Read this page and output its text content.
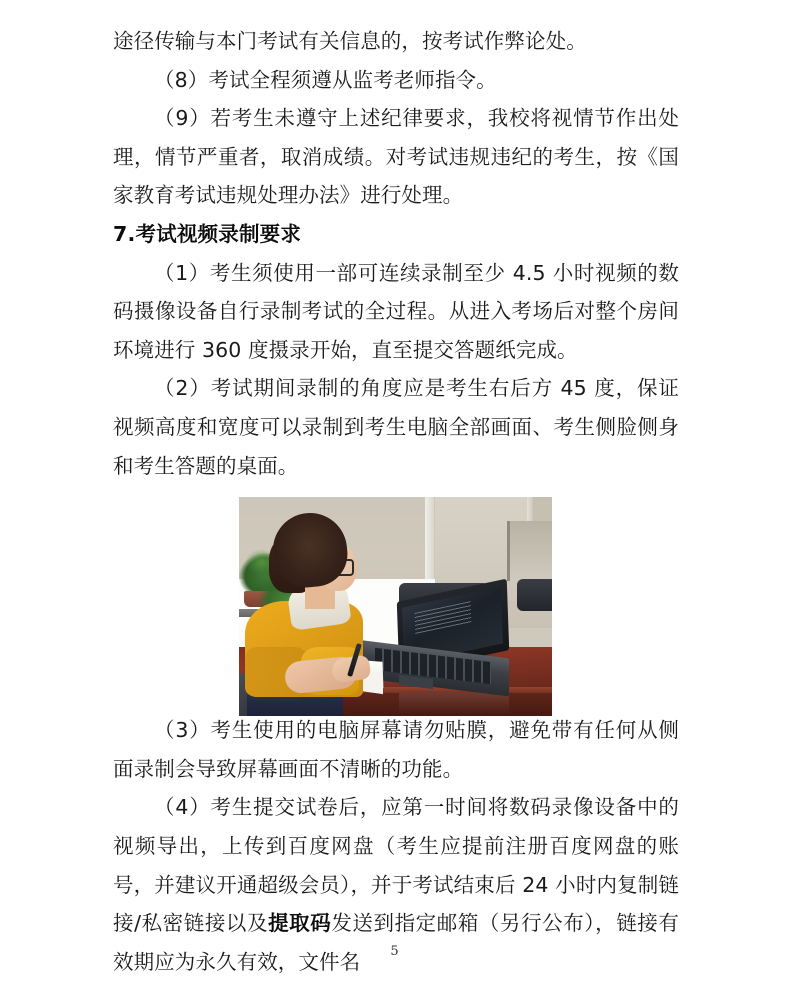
途径传输与本门考试有关信息的，按考试作弊论处。

（8）考试全程须遵从监考老师指令。

（9）若考生未遵守上述纪律要求，我校将视情节作出处理，情节严重者，取消成绩。对考试违规违纪的考生，按《国家教育考试违规处理办法》进行处理。

7.考试视频录制要求

（1）考生须使用一部可连续录制至少 4.5 小时视频的数码摄像设备自行录制考试的全过程。从进入考场后对整个房间环境进行 360 度摄录开始，直至提交答题纸完成。

（2）考试期间录制的角度应是考生右后方 45 度，保证视频高度和宽度可以录制到考生电脑全部画面、考生侧脸侧身和考生答题的桌面。

（3）考生使用的电脑屏幕请勿贴膜，避免带有任何从侧面录制会导致屏幕画面不清晰的功能。

（4）考生提交试卷后，应第一时间将数码录像设备中的视频导出，上传到百度网盘（考生应提前注册百度网盘的账号，并建议开通超级会员），并于考试结束后 24 小时内复制链接/私密链接以及提取码发送到指定邮箱（另行公布），链接有效期应为永久有效，文件名	5
